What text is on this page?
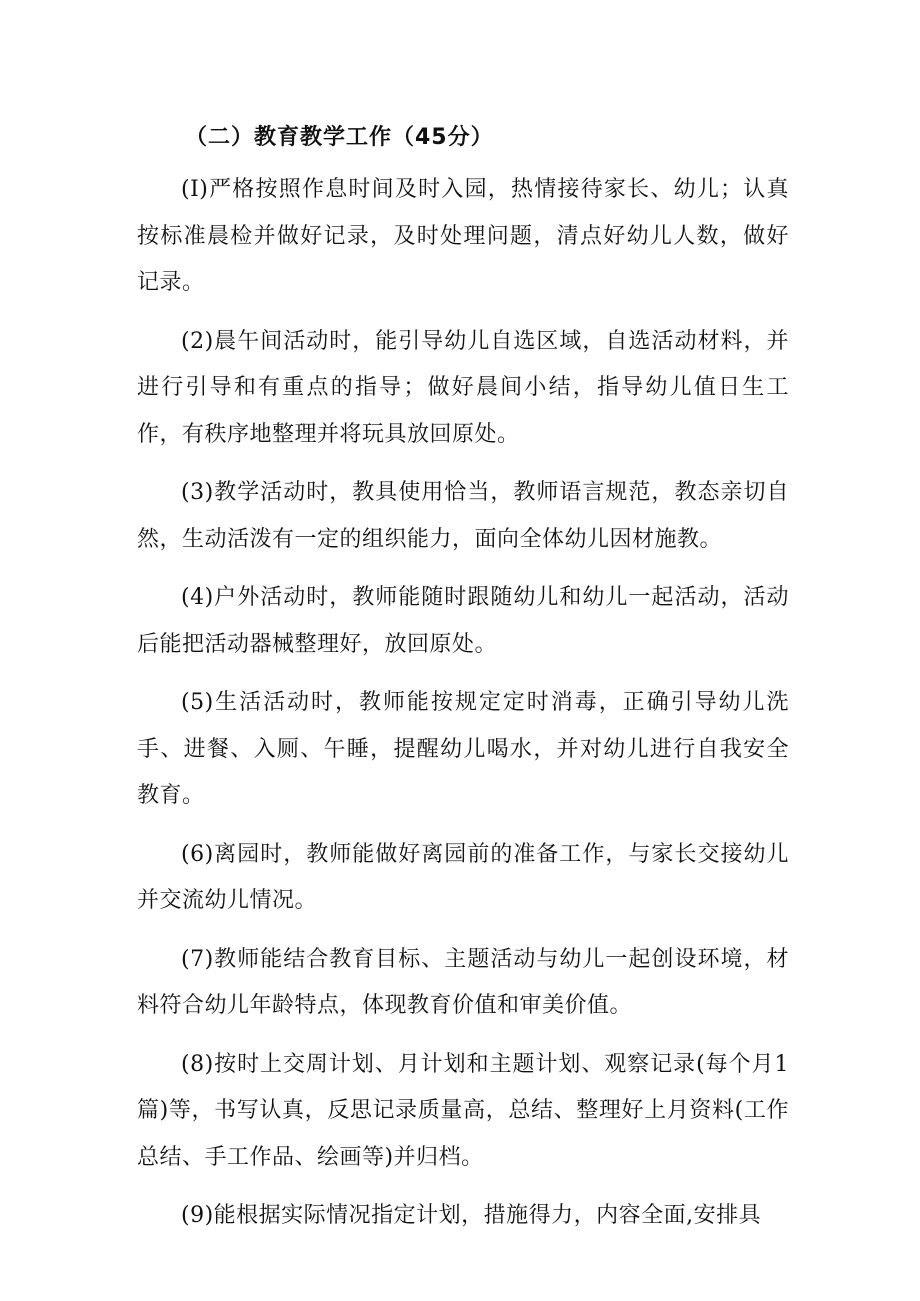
（二）教育教学工作（45分）

(I)严格按照作息时间及时入园，热情接待家长、幼儿；认真按标准晨检并做好记录，及时处理问题，清点好幼儿人数，做好记录。

(2)晨午间活动时，能引导幼儿自选区域，自选活动材料，并进行引导和有重点的指导；做好晨间小结，指导幼儿值日生工作，有秩序地整理并将玩具放回原处。

(3)教学活动时，教具使用恰当，教师语言规范，教态亲切自然，生动活泼有一定的组织能力，面向全体幼儿因材施教。

(4)户外活动时，教师能随时跟随幼儿和幼儿一起活动，活动后能把活动器械整理好，放回原处。

(5)生活活动时，教师能按规定定时消毒，正确引导幼儿洗手、进餐、入厕、午睡，提醒幼儿喝水，并对幼儿进行自我安全教育。

(6)离园时，教师能做好离园前的准备工作，与家长交接幼儿并交流幼儿情况。

(7)教师能结合教育目标、主题活动与幼儿一起创设环境，材料符合幼儿年龄特点，体现教育价值和审美价值。

(8)按时上交周计划、月计划和主题计划、观察记录(每个月1篇)等，书写认真，反思记录质量高，总结、整理好上月资料(工作总结、手工作品、绘画等)并归档。

(9)能根据实际情况指定计划，措施得力，内容全面,安排具
